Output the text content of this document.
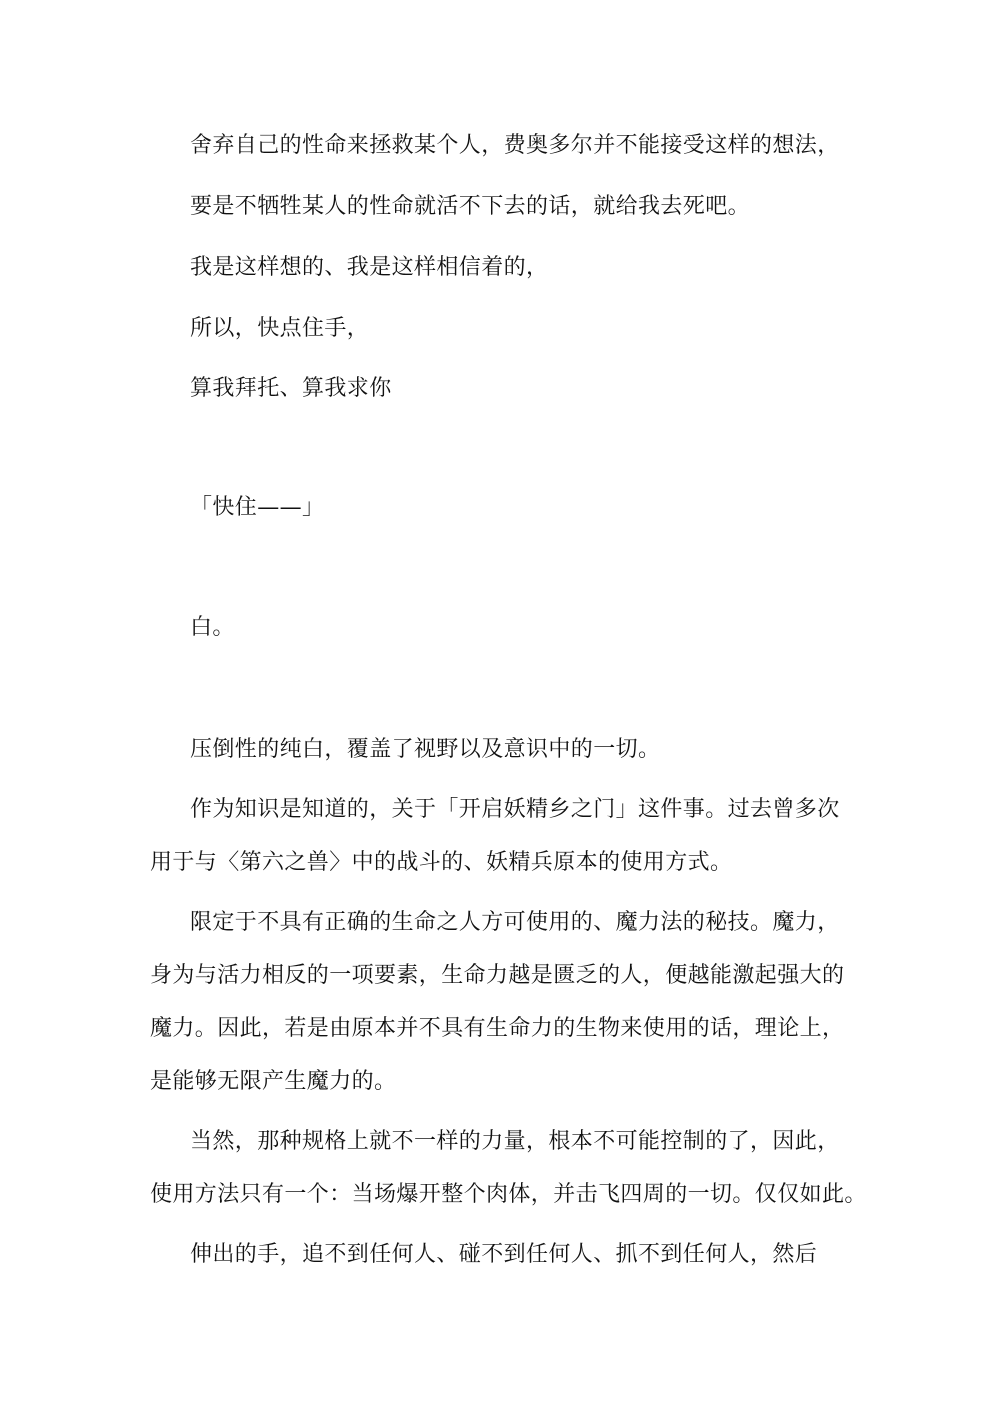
舍弃自己的性命来拯救某个人，费奥多尔并不能接受这样的想法，
要是不牺牲某人的性命就活不下去的话，就给我去死吧。
我是这样想的、我是这样相信着的，
所以，快点住手，
算我拜托、算我求你
「快住——」
白。
压倒性的纯白，覆盖了视野以及意识中的一切。
作为知识是知道的，关于「开启妖精乡之门」这件事。过去曾多次
用于与〈第六之兽〉中的战斗的、妖精兵原本的使用方式。
限定于不具有正确的生命之人方可使用的、魔力法的秘技。魔力，
身为与活力相反的一项要素，生命力越是匮乏的人，便越能激起强大的
魔力。因此，若是由原本并不具有生命力的生物来使用的话，理论上，
是能够无限产生魔力的。
当然，那种规格上就不一样的力量，根本不可能控制的了，因此，
使用方法只有一个：当场爆开整个肉体，并击飞四周的一切。仅仅如此。
伸出的手，追不到任何人、碰不到任何人、抓不到任何人，然后
